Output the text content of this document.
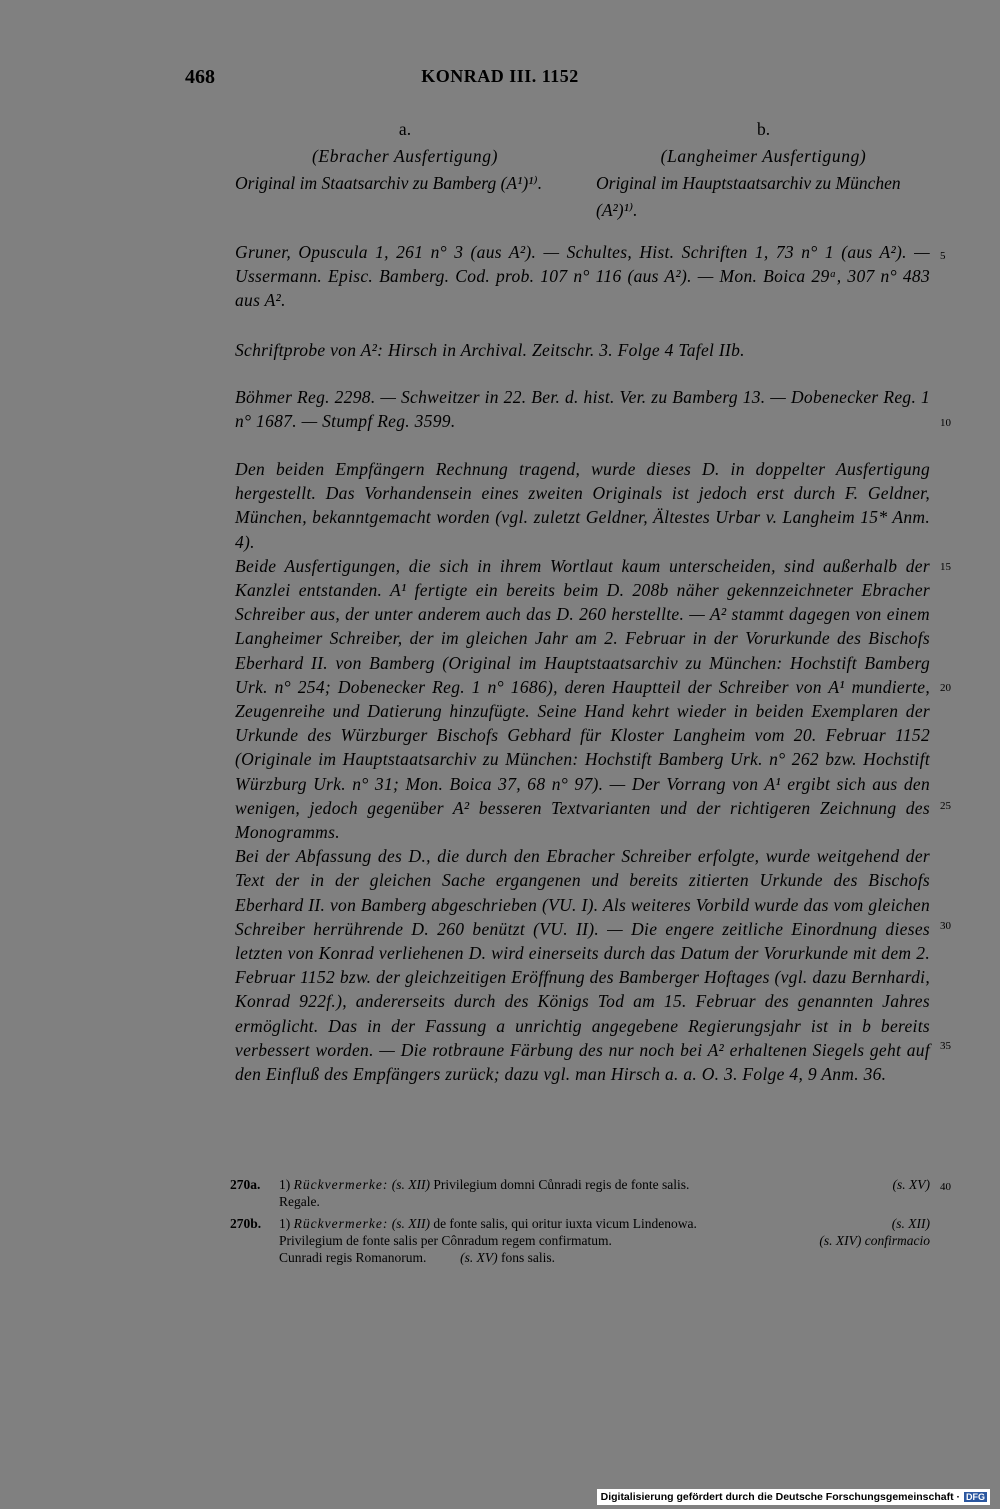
468	KONRAD III. 1152
a.
(Ebracher Ausfertigung)
Original im Staatsarchiv zu Bamberg (A¹)¹⁾.
b.
(Langheimer Ausfertigung)
Original im Hauptstaatsarchiv zu München (A²)¹⁾.

Gruner, Opuscula 1, 261 n° 3 (aus A²). — Schultes, Hist. Schriften 1, 73 n° 1 (aus A²). — Ussermann. Episc. Bamberg. Cod. prob. 107 n° 116 (aus A²). — Mon. Boica 29ᵃ, 307 n° 483 aus A².

Schriftprobe von A²: Hirsch in Archival. Zeitschr. 3. Folge 4 Tafel IIb.

Böhmer Reg. 2298. — Schweitzer in 22. Ber. d. hist. Ver. zu Bamberg 13. — Dobenecker Reg. 1 n° 1687. — Stumpf Reg. 3599.

Den beiden Empfängern Rechnung tragend, wurde dieses D. in doppelter Ausfertigung hergestellt. Das Vorhandensein eines zweiten Originals ist jedoch erst durch F. Geldner, München, bekanntgemacht worden (vgl. zuletzt Geldner, Ältestes Urbar v. Langheim 15* Anm. 4).

Beide Ausfertigungen, die sich in ihrem Wortlaut kaum unterscheiden, sind außerhalb der Kanzlei entstanden. A¹ fertigte ein bereits beim D. 208b näher gekennzeichneter Ebracher Schreiber aus, der unter anderem auch das D. 260 herstellte. — A² stammt dagegen von einem Langheimer Schreiber, der im gleichen Jahr am 2. Februar in der Vorurkunde des Bischofs Eberhard II. von Bamberg (Original im Hauptstaatsarchiv zu München: Hochstift Bamberg Urk. n° 254; Dobenecker Reg. 1 n° 1686), deren Hauptteil der Schreiber von A¹ mundierte, Zeugenreihe und Datierung hinzufügte. Seine Hand kehrt wieder in beiden Exemplaren der Urkunde des Würzburger Bischofs Gebhard für Kloster Langheim vom 20. Februar 1152 (Originale im Hauptstaatsarchiv zu München: Hochstift Bamberg Urk. n° 262 bzw. Hochstift Würzburg Urk. n° 31; Mon. Boica 37, 68 n° 97). — Der Vorrang von A¹ ergibt sich aus den wenigen, jedoch gegenüber A² besseren Textvarianten und der richtigeren Zeichnung des Monogramms.

Bei der Abfassung des D., die durch den Ebracher Schreiber erfolgte, wurde weitgehend der Text der in der gleichen Sache ergangenen und bereits zitierten Urkunde des Bischofs Eberhard II. von Bamberg abgeschrieben (VU. I). Als weiteres Vorbild wurde das vom gleichen Schreiber herrührende D. 260 benützt (VU. II). — Die engere zeitliche Einordnung dieses letzten von Konrad verliehenen D. wird einerseits durch das Datum der Vorurkunde mit dem 2. Februar 1152 bzw. der gleichzeitigen Eröffnung des Bamberger Hoftages (vgl. dazu Bernhardi, Konrad 922f.), andererseits durch des Königs Tod am 15. Februar des genannten Jahres ermöglicht. Das in der Fassung a unrichtig angegebene Regierungsjahr ist in b bereits verbessert worden. — Die rotbraune Färbung des nur noch bei A² erhaltenen Siegels geht auf den Einfluß des Empfängers zurück; dazu vgl. man Hirsch a. a. O. 3. Folge 4, 9 Anm. 36.

5
10
15
20
25
30
35
40
270a. 1) Rückvermerke: (s. XII) Privilegium domni Cůnradi regis de fonte salis.	(s. XV)

Regale.
270b. 1) Rückvermerke: (s. XII) de fonte salis, qui oritur iuxta vicum Lindenowa.	(s. XII)

Privilegium de fonte salis per Cônradum regem confirmatum.	(s. XIV) confirmacio

Cunradi regis Romanorum.	(s. XV) fons salis.
Digitalisierung gefördert durch die Deutsche Forschungsgemeinschaft · DFG
